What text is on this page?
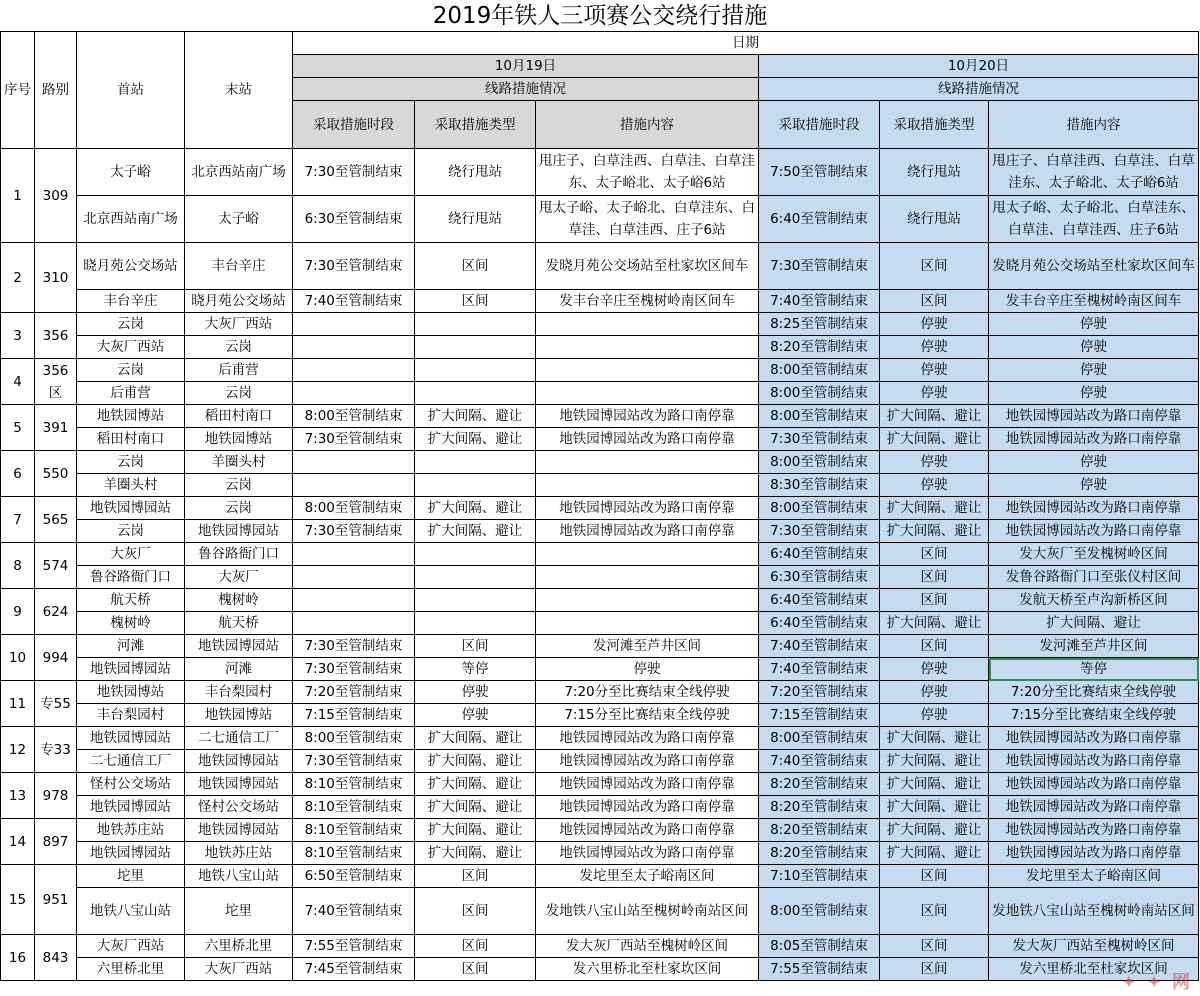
2019年铁人三项赛公交绕行措施
序号	路别	首站	末站	日期					
				10月19日			10月20日		
				线路措施情况			线路措施情况		
				采取措施时段	采取措施类型	措施内容	采取措施时段	采取措施类型	措施内容
1	309	太子峪	北京西站南广场	7:30至管制结束	绕行甩站	甩庄子、白草洼西、白草洼、白草洼东、太子峪北、太子峪6站	7:50至管制结束	绕行甩站	甩庄子、白草洼西、白草洼、白草洼东、太子峪北、太子峪6站
		北京西站南广场	太子峪	6:30至管制结束	绕行甩站	甩太子峪、太子峪北、白草洼东、白草洼、白草洼西、庄子6站	6:40至管制结束	绕行甩站	甩太子峪、太子峪北、白草洼东、白草洼、白草洼西、庄子6站
2	310	晓月苑公交场站	丰台辛庄	7:30至管制结束	区间	发晓月苑公交场站至杜家坎区间车	7:30至管制结束	区间	发晓月苑公交场站至杜家坎区间车
		丰台辛庄	晓月苑公交场站	7:40至管制结束	区间	发丰台辛庄至槐树岭南区间车	7:40至管制结束	区间	发丰台辛庄至槐树岭南区间车
3	356	云岗	大灰厂西站				8:25至管制结束	停驶	停驶
		大灰厂西站	云岗				8:20至管制结束	停驶	停驶
4	356区	云岗	后甫营				8:00至管制结束	停驶	停驶
		后甫营	云岗				8:00至管制结束	停驶	停驶
5	391	地铁园博站	稻田村南口	8:00至管制结束	扩大间隔、避让	地铁园博园站改为路口南停靠	8:00至管制结束	扩大间隔、避让	地铁园博园站改为路口南停靠
		稻田村南口	地铁园博站	7:30至管制结束	扩大间隔、避让	地铁园博园站改为路口南停靠	7:30至管制结束	扩大间隔、避让	地铁园博园站改为路口南停靠
6	550	云岗	羊圈头村				8:00至管制结束	停驶	停驶
		羊圈头村	云岗				8:30至管制结束	停驶	停驶
7	565	地铁园博园站	云岗	8:00至管制结束	扩大间隔、避让	地铁园博园站改为路口南停靠	8:00至管制结束	扩大间隔、避让	地铁园博园站改为路口南停靠
		云岗	地铁园博园站	7:30至管制结束	扩大间隔、避让	地铁园博园站改为路口南停靠	7:30至管制结束	扩大间隔、避让	地铁园博园站改为路口南停靠
8	574	大灰厂	鲁谷路衙门口				6:40至管制结束	区间	发大灰厂至发槐树岭区间
		鲁谷路衙门口	大灰厂				6:30至管制结束	区间	发鲁谷路衙门口至张仪村区间
9	624	航天桥	槐树岭				6:40至管制结束	区间	发航天桥至卢沟新桥区间
		槐树岭	航天桥				6:40至管制结束	扩大间隔、避让	扩大间隔、避让
10	994	河滩	地铁园博园站	7:30至管制结束	区间	发河滩至芦井区间	7:40至管制结束	区间	发河滩至芦井区间
		地铁园博园站	河滩	7:30至管制结束	等停	停驶	7:40至管制结束	停驶	等停
11	专55	地铁园博站	丰台梨园村	7:20至管制结束	停驶	7:20分至比赛结束全线停驶	7:20至管制结束	停驶	7:20分至比赛结束全线停驶
		丰台梨园村	地铁园博站	7:15至管制结束	停驶	7:15分至比赛结束全线停驶	7:15至管制结束	停驶	7:15分至比赛结束全线停驶
12	专33	地铁园博园站	二七通信工厂	8:00至管制结束	扩大间隔、避让	地铁园博园站改为路口南停靠	8:00至管制结束	扩大间隔、避让	地铁园博园站改为路口南停靠
		二七通信工厂	地铁园博园站	7:30至管制结束	扩大间隔、避让	地铁园博园站改为路口南停靠	7:40至管制结束	扩大间隔、避让	地铁园博园站改为路口南停靠
13	978	怪村公交场站	地铁园博园站	8:10至管制结束	扩大间隔、避让	地铁园博园站改为路口南停靠	8:20至管制结束	扩大间隔、避让	地铁园博园站改为路口南停靠
		地铁园博园站	怪村公交场站	8:10至管制结束	扩大间隔、避让	地铁园博园站改为路口南停靠	8:20至管制结束	扩大间隔、避让	地铁园博园站改为路口南停靠
14	897	地铁苏庄站	地铁园博园站	8:10至管制结束	扩大间隔、避让	地铁园博园站改为路口南停靠	8:20至管制结束	扩大间隔、避让	地铁园博园站改为路口南停靠
		地铁园博园站	地铁苏庄站	8:10至管制结束	扩大间隔、避让	地铁园博园站改为路口南停靠	8:20至管制结束	扩大间隔、避让	地铁园博园站改为路口南停靠
15	951	坨里	地铁八宝山站	6:50至管制结束	区间	发坨里至太子峪南区间	7:10至管制结束	区间	发坨里至太子峪南区间
		地铁八宝山站	坨里	7:40至管制结束	区间	发地铁八宝山站至槐树岭南站区间	8:00至管制结束	区间	发地铁八宝山站至槐树岭南站区间
16	843	大灰厂西站	六里桥北里	7:55至管制结束	区间	发大灰厂西站至槐树岭区间	8:05至管制结束	区间	发大灰厂西站至槐树岭区间
		六里桥北里	大灰厂西站	7:45至管制结束	区间	发六里桥北至杜家坎区间	7:55至管制结束	区间	发六里桥北至杜家坎区间
✦ ✦ 网
